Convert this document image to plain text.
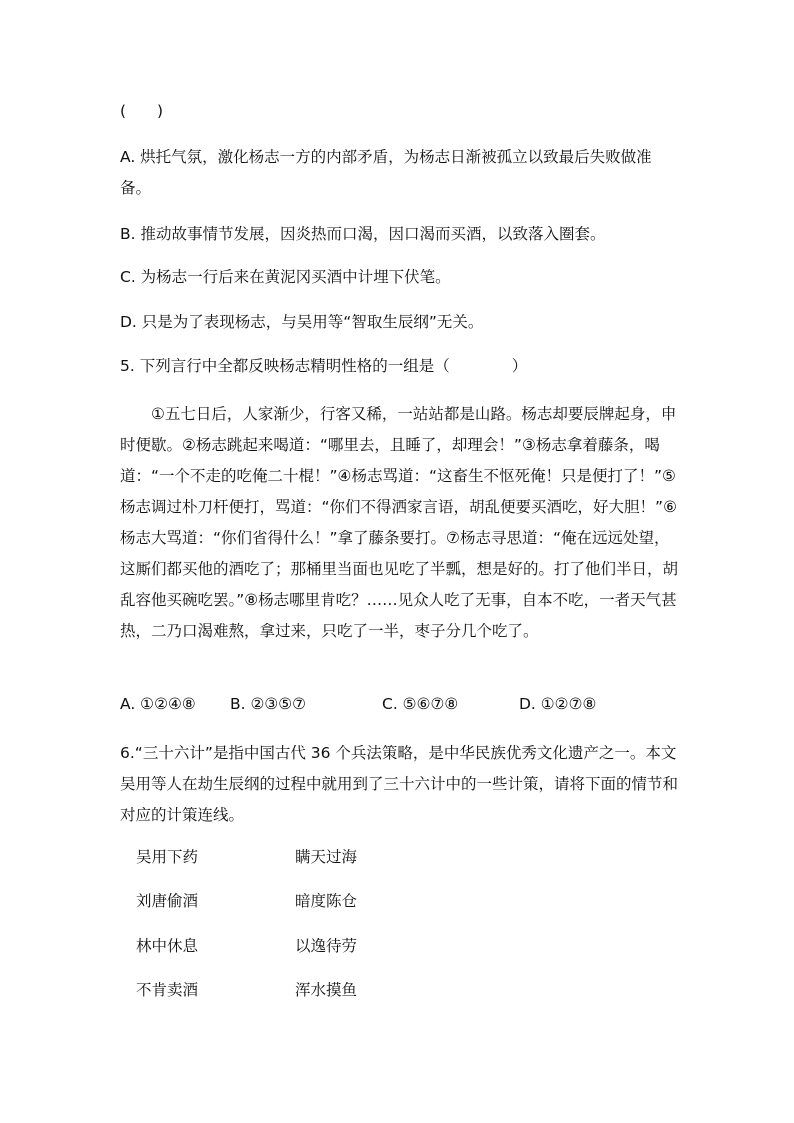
(　　)
A. 烘托气氛，激化杨志一方的内部矛盾，为杨志日渐被孤立以致最后失败做准
备。
B. 推动故事情节发展，因炎热而口渴，因口渴而买酒，以致落入圈套。
C. 为杨志一行后来在黄泥冈买酒中计埋下伏笔。
D. 只是为了表现杨志，与吴用等“智取生辰纲”无关。
5. 下列言行中全都反映杨志精明性格的一组是（　　　　）
①五七日后，人家渐少，行客又稀，一站站都是山路。杨志却要辰牌起身，申时便歇。②杨志跳起来喝道：“哪里去，且睡了，却理会！”③杨志拿着藤条，喝道：“一个不走的吃俺二十棍！”④杨志骂道：“这畜生不怄死俺！只是便打了！”⑤杨志调过朴刀杆便打，骂道：“你们不得洒家言语，胡乱便要买酒吃，好大胆！”⑥杨志大骂道：“你们省得什么！”拿了藤条要打。⑦杨志寻思道：“俺在远远处望，这厮们都买他的酒吃了；那桶里当面也见吃了半瓢，想是好的。打了他们半日，胡乱容他买碗吃罢。”⑧杨志哪里肯吃？……见众人吃了无事，自本不吃，一者天气甚热，二乃口渴难熬，拿过来，只吃了一半，枣子分几个吃了。
A. ①②④⑧ B. ②③⑤⑦	C. ⑤⑥⑦⑧	D. ①②⑦⑧
6.“三十六计”是指中国古代 36 个兵法策略，是中华民族优秀文化遗产之一。本文吴用等人在劫生辰纲的过程中就用到了三十六计中的一些计策，请将下面的情节和对应的计策连线。
吴用下药	瞒天过海
刘唐偷酒	暗度陈仓
林中休息	以逸待劳
不肯卖酒	浑水摸鱼
